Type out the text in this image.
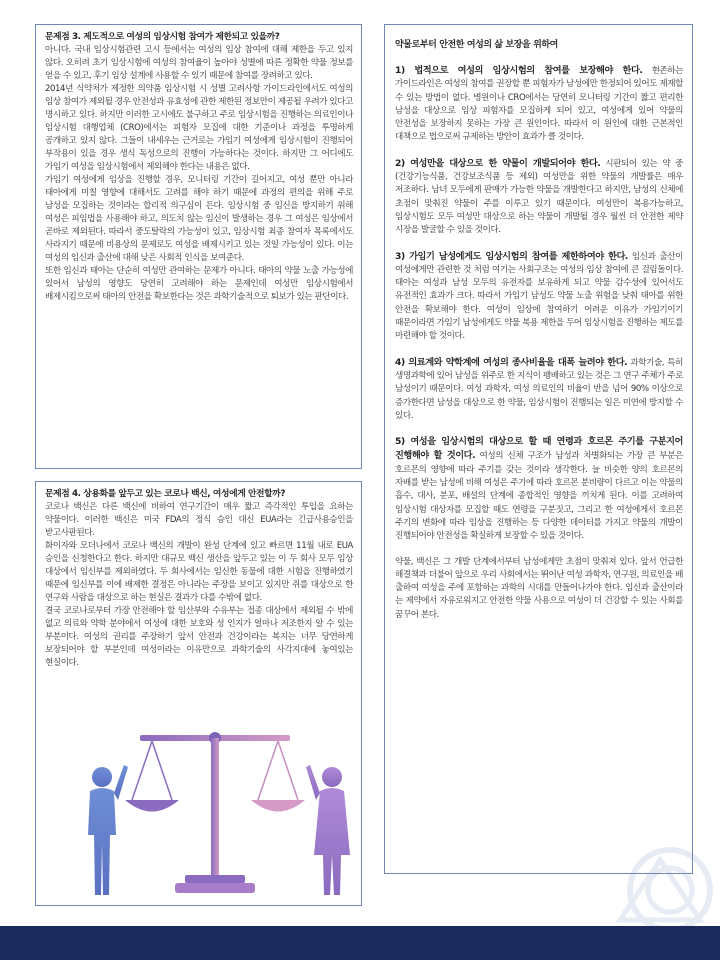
문제점 3. 제도적으로 여성의 임상시험 참여가 제한되고 있을까?

아니다. 국내 임상시험관련 고시 등에서는 여성의 임상 참여에 대해 제한을 두고 있지 않다. 오히려 초기 임상시험에 여성의 참여율이 높아야 성별에 따른 정확한 약물 정보를 얻을 수 있고, 후기 임상 설계에 사용할 수 있기 때문에 참여를 장려하고 있다.

2014년 식약처가 제정한 의약품 임상시험 시 성별 고려사항 가이드라인에서도 여성의 임상 참여가 제외될 경우 안전성과 유효성에 관한 제한된 정보만이 제공될 우려가 있다고 명시하고 있다. 하지만 이러한 고시에도 불구하고 주로 임상시험을 진행하는 의료인이나 임상시험 대행업체 (CRO)에서는 피험자 모집에 대한 기준이나 과정을 투명하게 공개하고 있지 않다. 그들이 내세우는 근거로는 가임기 여성에게 임상시험이 진행되어 부작용이 있을 경우 생식 독성으로의 진행이 가능하다는 것이다. 하지만 그 어디에도 가임기 여성을 임상시험에서 제외해야 한다는 내용은 없다.

가임기 여성에게 임상을 진행할 경우, 모니터링 기간이 길어지고, 여성 뿐만 아니라 태아에게 미칠 영향에 대해서도 고려를 해야 하기 때문에 과정의 편의을 위해 주로 남성을 모집하는 것이라는 합리적 의구심이 든다. 임상시험 중 임신을 방지하기 위해 여성은 피임법을 사용해야 하고, 의도치 않는 임신이 발생하는 경우 그 여성은 임상에서 곧바로 제외된다. 따라서 중도탈락의 가능성이 있고, 임상시험 최종 참여자 목록에서도 사라지기 때문에 비용상의 문제로도 여성을 배제시키고 있는 것일 가능성이 있다. 이는 여성의 임신과 출산에 대해 낮은 사회적 인식을 보여준다.

또한 임신과 태아는 단순히 여성만 관여하는 문제가 아니다. 태아의 약물 노출 가능성에 있어서 남성의 영향도 당연히 고려해야 하는 문제인데 여성만 임상시험에서 배제시킴으로써 태아의 안전을 확보한다는 것은 과학기술적으로 퇴보가 있는 판단이다.

문제점 4. 상용화를 앞두고 있는 코로나 백신, 여성에게 안전할까?

코로나 백신은 다른 백신에 비하여 연구기간이 매우 짧고 즉각적인 투입을 요하는 약물이다. 이러한 백신은 미국 FDA의 정식 승인 대신 EUA라는 긴급사용승인을 받고사판된다.

화이자와 모더나에서 코로나 백신의 개발이 완성 단계에 있고 빠르면 11월 내로 EUA 승인을 신청한다고 한다. 하지만 대규모 백신 생산을 앞두고 있는 이 두 회사 모두 임상 대상에서 임신부를 제외하였다. 두 회사에서는 임신한 동물에 대한 시험을 진행하였기 때문에 임신부를 이에 배제한 결정은 아니라는 주장을 보이고 있지만 쥐를 대상으로 한 연구와 사람을 대상으로 하는 현실은 결과가 다를 수밖에 없다.

결국 코로나로부터 가장 안전해야 할 임산부와 수유부는 접종 대상에서 제외될 수 밖에 없고 의료와 약학 분야에서 여성에 대한 보호와 성 인지가 얼마나 저조한지 알 수 있는 부분이다. 여성의 권리를 주장하기 앞서 안전과 건강이라는 복지는 너무 당연하게 보장되어야 할 부분인데 여성이라는 이유만으로 과학기술의 사각지대에 놓여있는 현실이다.

약물로부터 안전한 여성의 삶 보장을 위하여

1) 법적으로 여성의 임상시험의 참여를 보장해야 한다. 현존하는 가이드라인은 여성의 참여를 권장할 뿐 피험자가 남성에만 한정되어 있어도 제재할 수 있는 방법이 없다. 병원이나 CRO에서는 당연히 모니터링 기간이 짧고 편리한 남성을 대상으로 임상 피험자를 모집하게 되어 있고, 여성에게 있어 약물의 안전성을 보장하지 못하는 가장 큰 원인이다. 따라서 이 원인에 대한 근본적인 대책으로 법으로써 규제하는 방안이 효과가 클 것이다.

2) 여성만을 대상으로 한 약물이 개발되어야 한다. 시판되어 있는 약 중(건강기능식품, 건강보조식품 등 제외) 여성만을 위한 약물의 개발률은 매우 저조하다. 남녀 모두에게 판매가 가능한 약물을 개발한다고 하지만, 남성의 신체에 초점이 맞춰진 약물이 주를 이루고 있기 때문이다. 여성만이 복용가능하고, 임상시험도 모두 여성만 대상으로 하는 약물이 개발될 경우 월씬 더 안전한 제약 시장을 발굴할 수 있을 것이다.

3) 가임기 남성에게도 임상시험의 참여를 제한하여야 한다. 임신과 출산이 여성에게만 관련한 것 처럼 여기는 사회구조는 여성의 임상 참여에 큰 걸림돌이다. 태아는 여성과 남성 모두의 유전자를 보유하게 되고 약물 감수성에 있어서도 유전적인 효과가 크다. 따라서 가임기 남성도 약물 노출 위험을 낮춰 태아를 위한 안전을 확보해야 한다. 여성이 임상에 참여하기 어려운 이유가 가임기이기 때문이라면 가임기 남성에게도 약물 복용 제한을 두어 임상시험을 진행하는 제도를 마련해야 할 것이다.

4) 의료계와 약학계에 여성의 종사비율을 대폭 늘려야 한다. 과학기술, 특히 생명과학에 있어 남성을 위주로 한 지식이 팽배하고 있는 것은 그 연구 주체가 주로 남성이기 때문이다. 여성 과학자, 여성 의료인의 비율이 반을 넘어 90% 이상으로 증가한다면 남성을 대상으로 한 약물, 임상시험이 진행되는 일은 미연에 방지할 수 있다.

5) 여성을 임상시험의 대상으로 할 때 연령과 호르몬 주기를 구분지어 진행해야 할 것이다. 여성의 신체 구조가 남성과 차별화되는 가장 큰 부분은 호르몬의 영향에 따라 주기를 갖는 것이라 생각한다. 늘 비슷한 양의 호르몬의 자배를 받는 남성에 비해 여성은 주기에 따라 호르몬 분비량이 다르고 이는 약물의 흡수, 대사, 분포, 배설의 단계에 종합적인 영향을 끼치게 된다. 이를 고려하여 임상시험 대상자를 모집할 때도 연령을 구분짓고, 그리고 한 여성에게서 호르몬 주기의 변화에 따라 임상을 진행하는 등 다양한 데이터를 가지고 약물의 개발이 진행되어야 안전성을 확실하게 보장할 수 있을 것이다.

약물, 백신은 그 개발 단계에서부터 남성에게만 초점이 맞춰져 있다. 앞서 언급한 해결책과 더불어 앞으로 우리 사회에서는 뛰어난 여성 과학자, 연구원, 의료인을 배출하여 여성을 주에 포함하는 과학의 시대를 만들어나가야 한다. 임신과 출산이라는 제약에서 자유로워지고 안전한 약물 사용으로 여성이 더 건강할 수 있는 사회를 꿈꾸어 본다.
